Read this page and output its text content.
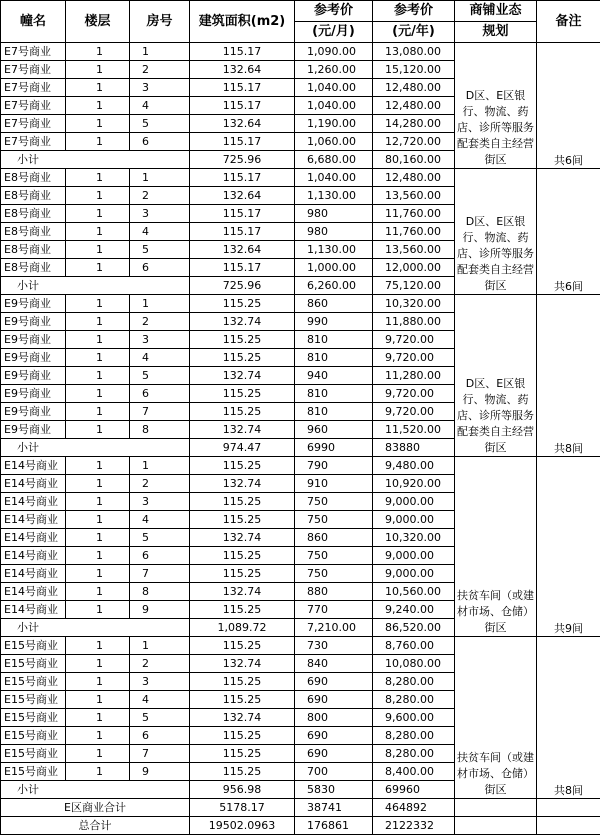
幢名	楼层	房号	建筑面积(m2)	参考价	参考价	商铺业态	备注
				(元/月)	(元/年)	规划	
E7号商业	1	1	115.17	1,090.00	13,080.00	D区、E区银行、物流、药店、诊所等服务配套类自主经营街区	共6间
E7号商业	1	2	132.64	1,260.00	15,120.00		
E7号商业	1	3	115.17	1,040.00	12,480.00		
E7号商业	1	4	115.17	1,040.00	12,480.00		
E7号商业	1	5	132.64	1,190.00	14,280.00		
E7号商业	1	6	115.17	1,060.00	12,720.00		
小计			725.96	6,680.00	80,160.00		
E8号商业	1	1	115.17	1,040.00	12,480.00	D区、E区银行、物流、药店、诊所等服务配套类自主经营街区	共6间
E8号商业	1	2	132.64	1,130.00	13,560.00		
E8号商业	1	3	115.17	980	11,760.00		
E8号商业	1	4	115.17	980	11,760.00		
E8号商业	1	5	132.64	1,130.00	13,560.00		
E8号商业	1	6	115.17	1,000.00	12,000.00		
小计			725.96	6,260.00	75,120.00		
E9号商业	1	1	115.25	860	10,320.00	D区、E区银行、物流、药店、诊所等服务配套类自主经营街区	共8间
E9号商业	1	2	132.74	990	11,880.00		
E9号商业	1	3	115.25	810	9,720.00		
E9号商业	1	4	115.25	810	9,720.00		
E9号商业	1	5	132.74	940	11,280.00		
E9号商业	1	6	115.25	810	9,720.00		
E9号商业	1	7	115.25	810	9,720.00		
E9号商业	1	8	132.74	960	11,520.00		
小计			974.47	6990	83880		
E14号商业	1	1	115.25	790	9,480.00	扶贫车间（或建材市场、仓储）街区	共9间
E14号商业	1	2	132.74	910	10,920.00		
E14号商业	1	3	115.25	750	9,000.00		
E14号商业	1	4	115.25	750	9,000.00		
E14号商业	1	5	132.74	860	10,320.00		
E14号商业	1	6	115.25	750	9,000.00		
E14号商业	1	7	115.25	750	9,000.00		
E14号商业	1	8	132.74	880	10,560.00		
E14号商业	1	9	115.25	770	9,240.00		
小计			1,089.72	7,210.00	86,520.00		
E15号商业	1	1	115.25	730	8,760.00	扶贫车间（或建材市场、仓储）街区	共8间
E15号商业	1	2	132.74	840	10,080.00		
E15号商业	1	3	115.25	690	8,280.00		
E15号商业	1	4	115.25	690	8,280.00		
E15号商业	1	5	132.74	800	9,600.00		
E15号商业	1	6	115.25	690	8,280.00		
E15号商业	1	7	115.25	690	8,280.00		
E15号商业	1	9	115.25	700	8,400.00		
小计			956.98	5830	69960		
E区商业合计			5178.17	38741	464892		
总合计			19502.0963	176861	2122332		
